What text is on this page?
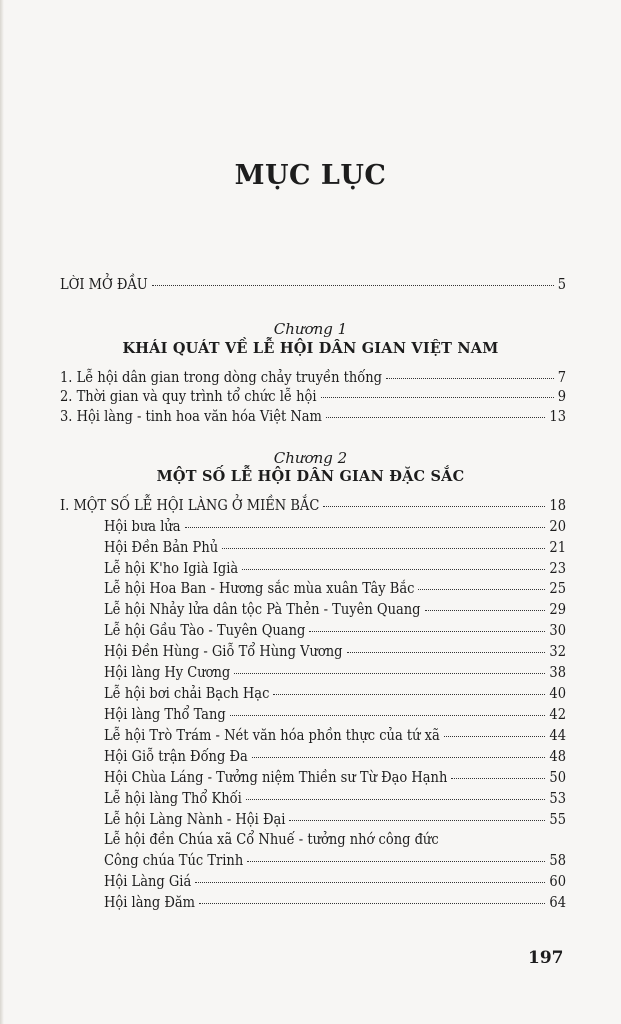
MỤC LỤC
LỜI MỞ ĐẦU	5
Chương 1
KHÁI QUÁT VỀ LỄ HỘI DÂN GIAN VIỆT NAM
1. Lễ hội dân gian trong dòng chảy truyền thống	7
2. Thời gian và quy trình tổ chức lễ hội	9
3. Hội làng - tinh hoa văn hóa Việt Nam	13
Chương 2
MỘT SỐ LỄ HỘI DÂN GIAN ĐẶC SẮC
I. MỘT SỐ LỄ HỘI LÀNG Ở MIỀN BẮC	18
Hội bưa lửa	20
Hội Đền Bản Phủ	21
Lễ hội K'ho Igià Igià	23
Lễ hội Hoa Ban - Hương sắc mùa xuân Tây Bắc	25
Lễ hội Nhảy lửa dân tộc Pà Thẻn - Tuyên Quang	29
Lễ hội Gầu Tào - Tuyên Quang	30
Hội Đền Hùng - Giỗ Tổ Hùng Vương	32
Hội làng Hy Cương	38
Lễ hội bơi chải Bạch Hạc	40
Hội làng Thổ Tang	42
Lễ hội Trò Trám - Nét văn hóa phồn thực của tứ xã	44
Hội Giỗ trận Đống Đa	48
Hội Chùa Láng - Tưởng niệm Thiền sư Từ Đạo Hạnh	50
Lễ hội làng Thổ Khối	53
Lễ hội Làng Nành - Hội Đại	55
Lễ hội đền Chúa xã Cổ Nhuế - tưởng nhớ công đức
Công chúa Túc Trinh	58
Hội Làng Giá	60
Hội làng Đăm	64
197
